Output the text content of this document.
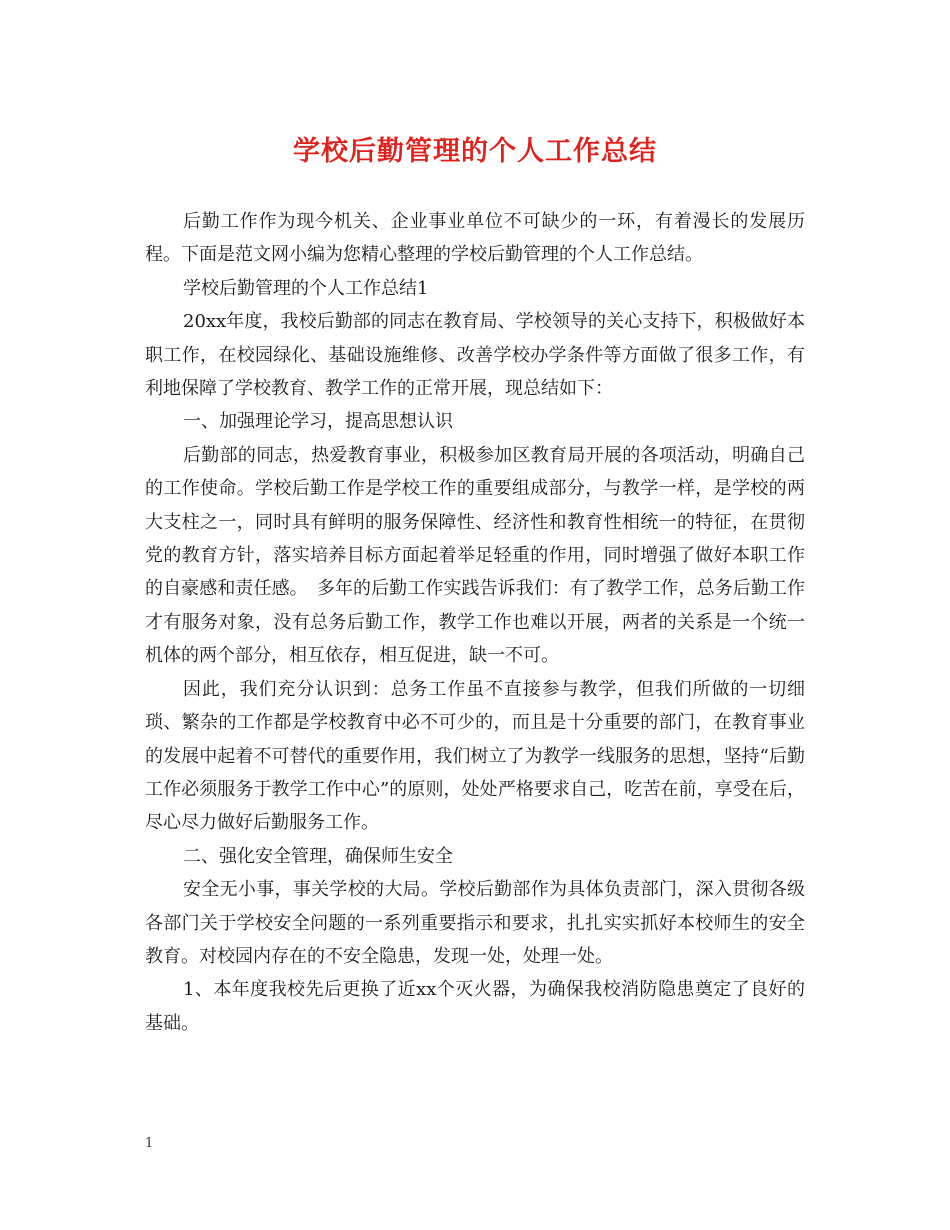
学校后勤管理的个人工作总结

后勤工作作为现今机关、企业事业单位不可缺少的一环，有着漫长的发展历程。下面是范文网小编为您精心整理的学校后勤管理的个人工作总结。

学校后勤管理的个人工作总结1

20xx年度，我校后勤部的同志在教育局、学校领导的关心支持下，积极做好本职工作，在校园绿化、基础设施维修、改善学校办学条件等方面做了很多工作，有利地保障了学校教育、教学工作的正常开展，现总结如下：

一、加强理论学习，提高思想认识

后勤部的同志，热爱教育事业，积极参加区教育局开展的各项活动，明确自己的工作使命。学校后勤工作是学校工作的重要组成部分，与教学一样，是学校的两大支柱之一，同时具有鲜明的服务保障性、经济性和教育性相统一的特征，在贯彻党的教育方针，落实培养目标方面起着举足轻重的作用，同时增强了做好本职工作的自豪感和责任感。　多年的后勤工作实践告诉我们：有了教学工作，总务后勤工作才有服务对象，没有总务后勤工作，教学工作也难以开展，两者的关系是一个统一机体的两个部分，相互依存，相互促进，缺一不可。

因此，我们充分认识到：总务工作虽不直接参与教学，但我们所做的一切细琐、繁杂的工作都是学校教育中必不可少的，而且是十分重要的部门，在教育事业的发展中起着不可替代的重要作用，我们树立了为教学一线服务的思想，坚持“后勤工作必须服务于教学工作中心”的原则，处处严格要求自己，吃苦在前，享受在后，尽心尽力做好后勤服务工作。

二、强化安全管理，确保师生安全

安全无小事，事关学校的大局。学校后勤部作为具体负责部门，深入贯彻各级各部门关于学校安全问题的一系列重要指示和要求，扎扎实实抓好本校师生的安全教育。对校园内存在的不安全隐患，发现一处，处理一处。

1、本年度我校先后更换了近xx个灭火器，为确保我校消防隐患奠定了良好的基础。

1
